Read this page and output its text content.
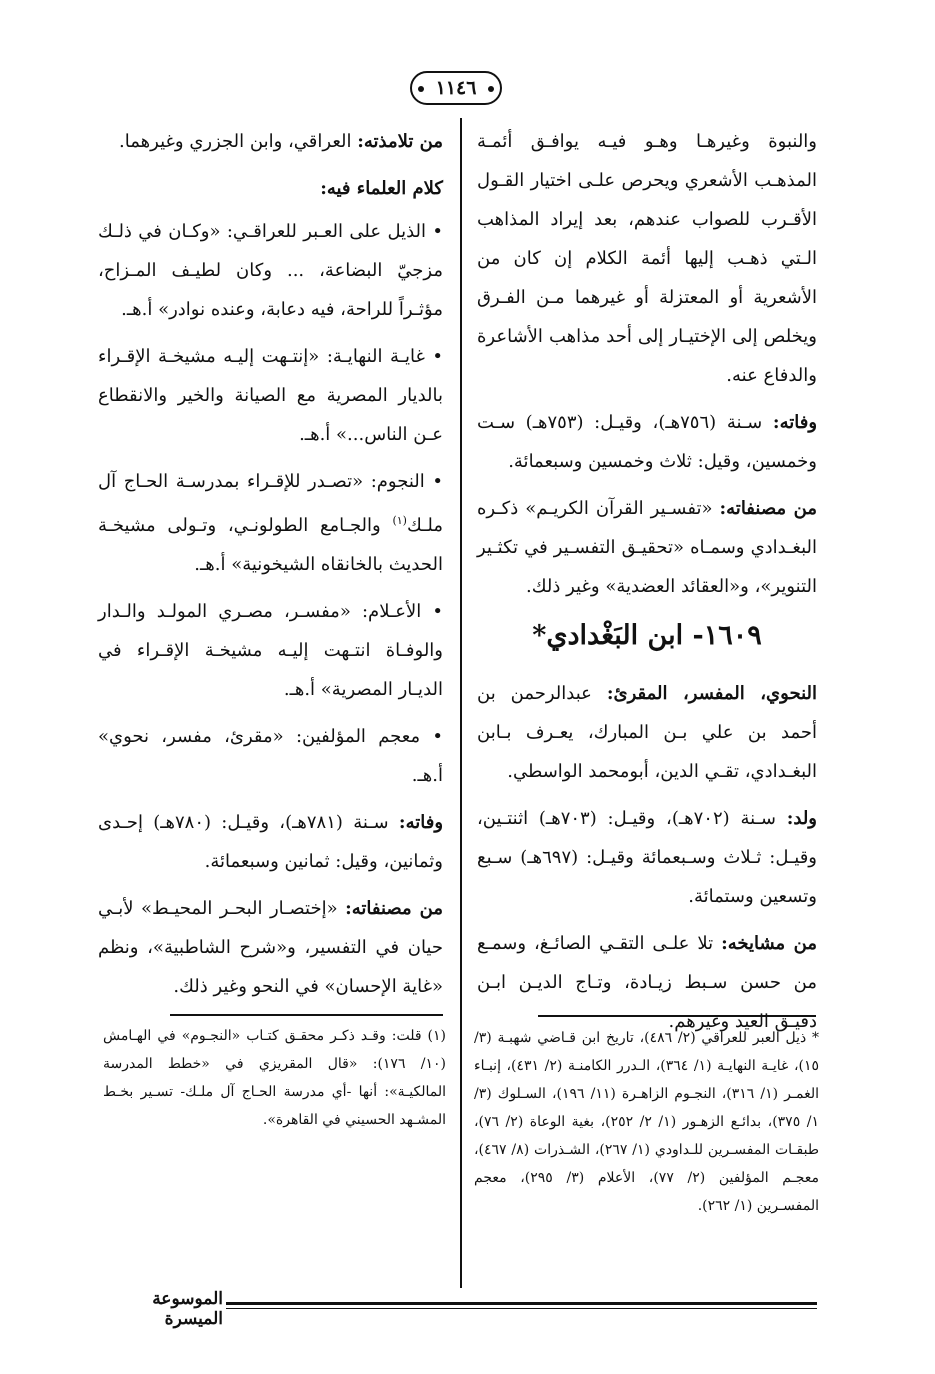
١١٤٦

والنبوة وغيرهـا وهـو فيـه يوافـق أئمـة المذهـب الأشعري ويحرص علـى اختيار القـول الأقـرب للصواب عندهم، بعد إيراد المذاهب الـتي ذهـب إليها أئمة الكلام إن كان من الأشعرية أو المعتزلة أو غيرهما مـن الفـرق ويخلص إلى الإختيـار إلى أحد مذاهب الأشاعرة والدفاع عنه.

وفاته: سـنة (٧٥٦هـ)، وقيـل: (٧٥٣هـ) سـت وخمسين، وقيل: ثلاث وخمسين وسبعمائة.

من مصنفاته: «تفسـير القرآن الكريـم» ذكـره البغـدادي وسمـاه «تحقيـق التفسـير في تكثـير التنوير»، و«العقائد العضدية» وغير ذلك.

١٦٠٩- ابن البَغْدادي*

النحوي، المفسر، المقرئ: عبدالرحمن بن أحمد بن علي بـن المبارك، يعـرف بـابن البغـدادي، تقـي الدين، أبومحمد الواسطي.

ولد: سـنة (٧٠٢هـ)، وقيـل: (٧٠٣هـ) اثنتـين، وقيـل: ثـلاث وسـبعمائة وقيـل: (٦٩٧هـ) سـبع وتسعين وستمائة.

من مشايخه: تلا علـى التقـي الصائـغ، وسمـع من حسن سـبط زيـادة، وتـاج الديـن ابـن دقيـق العيد وغيرهم.

من تلامذته: العراقي، وابن الجزري وغيرهما.

كلام العلماء فيه:

• الذيل على العـبر للعراقـي: «وكـان في ذلـك مزجيّ البضاعة، ... وكان لطيـف المـزاح، مؤثـراً للراحة، فيه دعابة، وعنده نوادر» أ.هـ.

• غايـة النهايـة: «إنتـهت إليـه مشيخـة الإقـراء بالديار المصرية مع الصيانة والخير والانقطاع عـن الناس...» أ.هـ.

• النجوم: «تصـدر للإقـراء بمدرسـة الحـاج آل ملـك$^{(١)}$ والجـامع الطولونـي، وتـولى مشيخـة الحديث بالخانقاه الشيخونية» أ.هـ.

• الأعـلام: «مفسـر، مصـري المولـد والـدار والوفـاة انتـهت إليـه مشيخـة الإقـراء في الديـار المصرية» أ.هـ.

• معجم المؤلفين: «مقرئ، مفسر، نحوي» أ.هـ.

وفاته: سـنة (٧٨١هـ)، وقيـل: (٧٨٠هـ) إحـدى وثمانين، وقيل: ثمانين وسبعمائة.

من مصنفاته: «إختصـار البحـر المحيـط» لأبـي حيان في التفسير، و«شرح الشاطبية»، ونظم «غاية الإحسان» في النحو وغير ذلك.

* ذيل العبر للعراقي (٢/ ٤٨٦)، تاريخ ابن قـاضي شهبـة (٣/ ١٥)، غايـة النهايـة (١/ ٣٦٤)، الـدرر الكامنـة (٢/ ٤٣١)، إنبـاء الغمـر (١/ ٣١٦)، النجـوم الزاهـرة (١١/ ١٩٦)، السـلوك (٣/ ١/ ٣٧٥)، بدائـع الزهـور (١/ ٢/ ٢٥٢)، بغية الوعاة (٢/ ٧٦)، طبقـات المفسـرين للـداودي (١/ ٢٦٧)، الشـذرات (٨/ ٤٦٧)، معجـم المؤلفين (٢/ ٧٧)، الأعلام (٣/ ٢٩٥)، معجم المفسـرين (١/ ٢٦٢).
(١) قلت: وقـد ذكـر محقـق كتـاب «النجـوم» في الهـامش (١٠/ ١٧٦): «قال المقريزي في «خطط المدرسة المالكيـة»: أنها -أي مدرسة الحـاج آل ملـك- تسـير بخـط المشـهد الحسيني في القاهرة».
الموسوعة الميسرة
